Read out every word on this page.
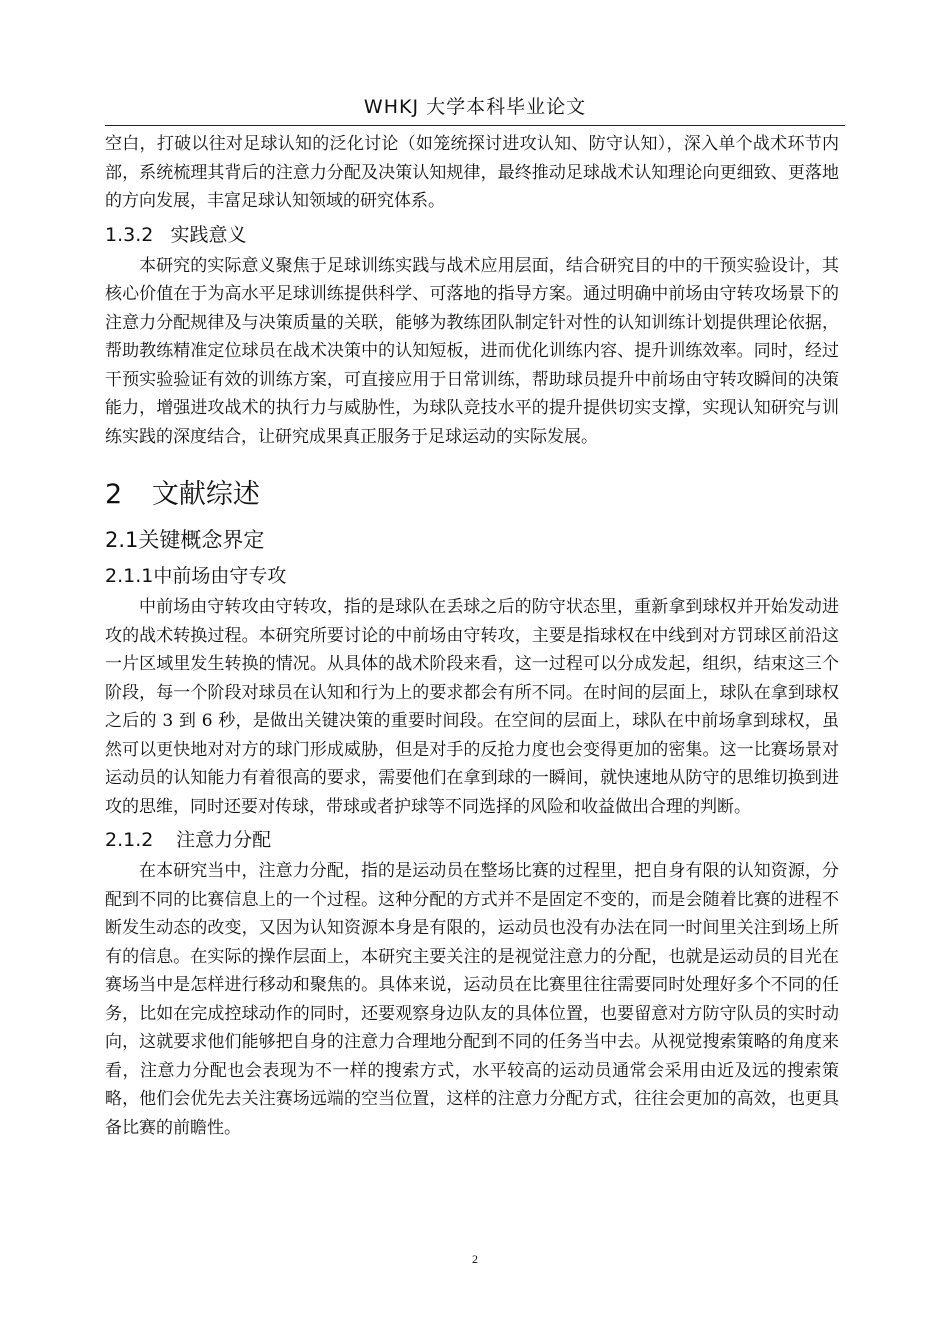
WHKJ 大学本科毕业论文

空白，打破以往对足球认知的泛化讨论（如笼统探讨进攻认知、防守认知），深入单个战术环节内部，系统梳理其背后的注意力分配及决策认知规律，最终推动足球战术认知理论向更细致、更落地的方向发展，丰富足球认知领域的研究体系。

1.3.2 实践意义

本研究的实际意义聚焦于足球训练实践与战术应用层面，结合研究目的中的干预实验设计，其核心价值在于为高水平足球训练提供科学、可落地的指导方案。通过明确中前场由守转攻场景下的注意力分配规律及与决策质量的关联，能够为教练团队制定针对性的认知训练计划提供理论依据，帮助教练精准定位球员在战术决策中的认知短板，进而优化训练内容、提升训练效率。同时，经过干预实验验证有效的训练方案，可直接应用于日常训练，帮助球员提升中前场由守转攻瞬间的决策能力，增强进攻战术的执行力与威胁性，为球队竞技水平的提升提供切实支撑，实现认知研究与训练实践的深度结合，让研究成果真正服务于足球运动的实际发展。

2 文献综述
2.1关键概念界定
2.1.1中前场由守专攻

中前场由守转攻由守转攻，指的是球队在丢球之后的防守状态里，重新拿到球权并开始发动进攻的战术转换过程。本研究所要讨论的中前场由守转攻，主要是指球权在中线到对方罚球区前沿这一片区域里发生转换的情况。从具体的战术阶段来看，这一过程可以分成发起，组织，结束这三个阶段，每一个阶段对球员在认知和行为上的要求都会有所不同。在时间的层面上，球队在拿到球权之后的 3 到 6 秒，是做出关键决策的重要时间段。在空间的层面上，球队在中前场拿到球权，虽然可以更快地对对方的球门形成威胁，但是对手的反抢力度也会变得更加的密集。这一比赛场景对运动员的认知能力有着很高的要求，需要他们在拿到球的一瞬间，就快速地从防守的思维切换到进攻的思维，同时还要对传球，带球或者护球等不同选择的风险和收益做出合理的判断。

2.1.2 注意力分配

在本研究当中，注意力分配，指的是运动员在整场比赛的过程里，把自身有限的认知资源，分配到不同的比赛信息上的一个过程。这种分配的方式并不是固定不变的，而是会随着比赛的进程不断发生动态的改变，又因为认知资源本身是有限的，运动员也没有办法在同一时间里关注到场上所有的信息。在实际的操作层面上，本研究主要关注的是视觉注意力的分配，也就是运动员的目光在赛场当中是怎样进行移动和聚焦的。具体来说，运动员在比赛里往往需要同时处理好多个不同的任务，比如在完成控球动作的同时，还要观察身边队友的具体位置，也要留意对方防守队员的实时动向，这就要求他们能够把自身的注意力合理地分配到不同的任务当中去。从视觉搜索策略的角度来看，注意力分配也会表现为不一样的搜索方式，水平较高的运动员通常会采用由近及远的搜索策略，他们会优先去关注赛场远端的空当位置，这样的注意力分配方式，往往会更加的高效，也更具备比赛的前瞻性。

2
